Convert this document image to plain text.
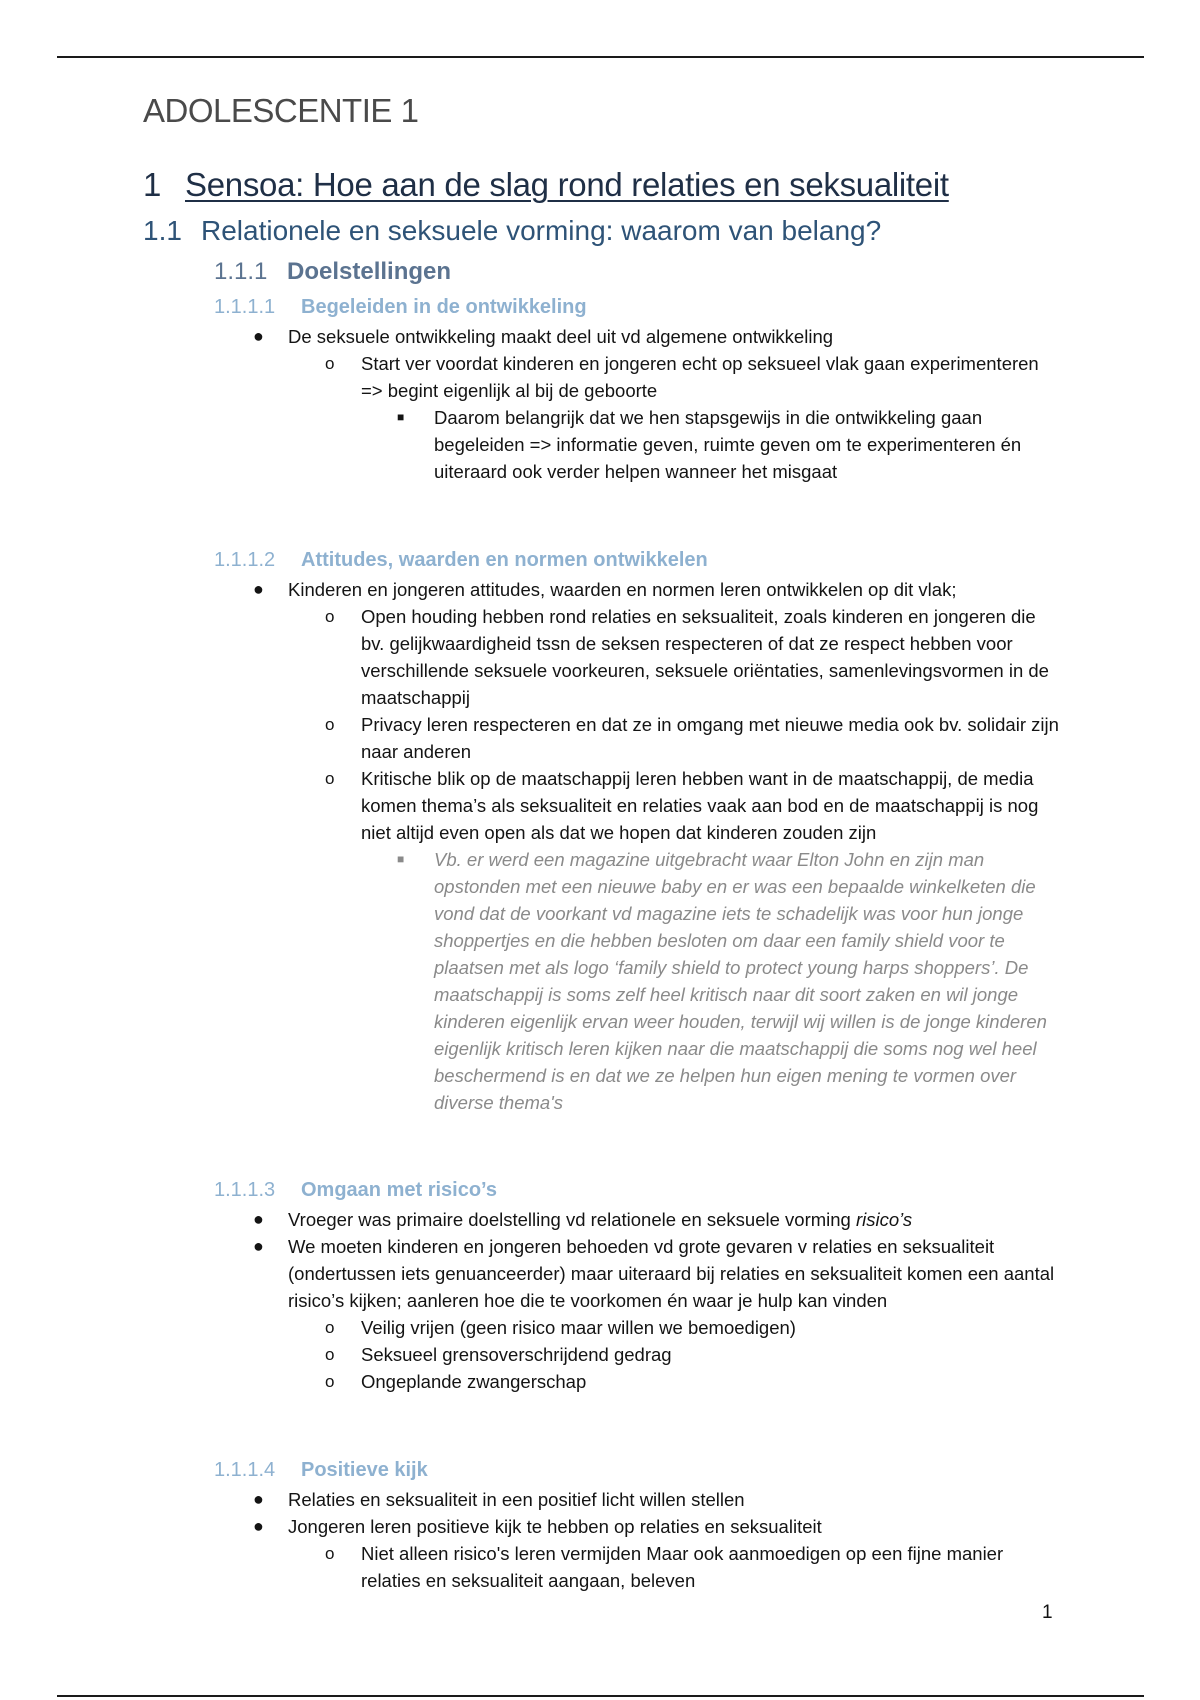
ADOLESCENTIE 1
1 Sensoa: Hoe aan de slag rond relaties en seksualiteit
1.1 Relationele en seksuele vorming: waarom van belang?
1.1.1 Doelstellingen
1.1.1.1 Begeleiden in de ontwikkeling
● De seksuele ontwikkeling maakt deel uit vd algemene ontwikkeling
o Start ver voordat kinderen en jongeren echt op seksueel vlak gaan experimenteren => begint eigenlijk al bij de geboorte
■ Daarom belangrijk dat we hen stapsgewijs in die ontwikkeling gaan begeleiden => informatie geven, ruimte geven om te experimenteren én uiteraard ook verder helpen wanneer het misgaat
1.1.1.2 Attitudes, waarden en normen ontwikkelen
● Kinderen en jongeren attitudes, waarden en normen leren ontwikkelen op dit vlak;
o Open houding hebben rond relaties en seksualiteit, zoals kinderen en jongeren die bv. gelijkwaardigheid tssn de seksen respecteren of dat ze respect hebben voor verschillende seksuele voorkeuren, seksuele oriëntaties, samenlevingsvormen in de maatschappij
o Privacy leren respecteren en dat ze in omgang met nieuwe media ook bv. solidair zijn naar anderen
o Kritische blik op de maatschappij leren hebben want in de maatschappij, de media komen thema’s als seksualiteit en relaties vaak aan bod en de maatschappij is nog niet altijd even open als dat we hopen dat kinderen zouden zijn
■ Vb. er werd een magazine uitgebracht waar Elton John en zijn man opstonden met een nieuwe baby en er was een bepaalde winkelketen die vond dat de voorkant vd magazine iets te schadelijk was voor hun jonge shoppertjes en die hebben besloten om daar een family shield voor te plaatsen met als logo ‘family shield to protect young harps shoppers’. De maatschappij is soms zelf heel kritisch naar dit soort zaken en wil jonge kinderen eigenlijk ervan weer houden, terwijl wij willen is de jonge kinderen eigenlijk kritisch leren kijken naar die maatschappij die soms nog wel heel beschermend is en dat we ze helpen hun eigen mening te vormen over diverse thema's
1.1.1.3 Omgaan met risico’s
● Vroeger was primaire doelstelling vd relationele en seksuele vorming risico’s
● We moeten kinderen en jongeren behoeden vd grote gevaren v relaties en seksualiteit (ondertussen iets genuanceerder) maar uiteraard bij relaties en seksualiteit komen een aantal risico’s kijken; aanleren hoe die te voorkomen én waar je hulp kan vinden
o Veilig vrijen (geen risico maar willen we bemoedigen)
o Seksueel grensoverschrijdend gedrag
o Ongeplande zwangerschap
1.1.1.4 Positieve kijk
● Relaties en seksualiteit in een positief licht willen stellen
● Jongeren leren positieve kijk te hebben op relaties en seksualiteit
o Niet alleen risico's leren vermijden Maar ook aanmoedigen op een fijne manier relaties en seksualiteit aangaan, beleven
1
